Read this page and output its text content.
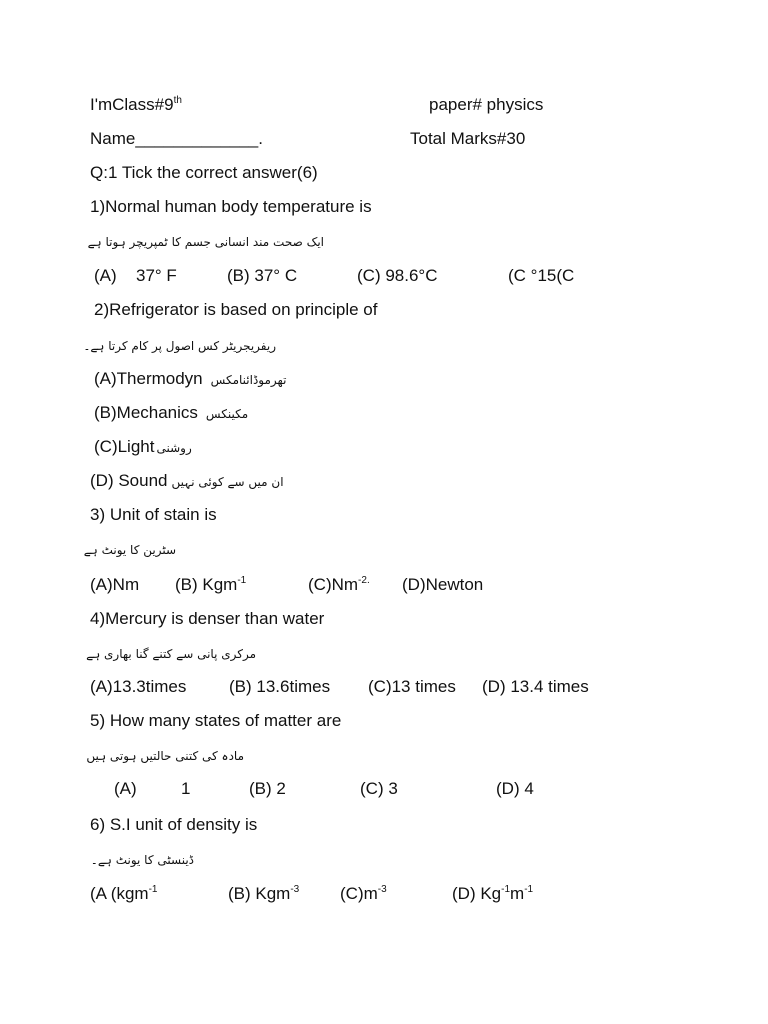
I'mClass#9th	paper# physics
Name_____________.	Total Marks#30
Q:1 Tick the correct answer(6)
1)Normal human body temperature is
ایک صحت مند انسانی جسم کا ٹمپریچر ہوتا ہے
(A) 37° F	(B) 37° C	(C) 98.6°C	(C °15(C
2)Refrigerator is based on principle of
ریفریجریٹر کس اصول پر کام کرتا ہے۔
(A)Thermodyn تھرموڈائنامکس
(B)Mechanics مکینکس
(C)Light روشنی
(D) Sound ان میں سے کوئی نہیں
3) Unit of stain is
سٹرین کا یونٹ ہے
(A)Nm (B) Kgm$^{-1}$	$(C)Nm^{-2.}$ (D)Newton
4)Mercury is denser than water
مرکری پانی سے کتنے گنا بھاری ہے
(A)13.3times	(B) 13.6times (C)13 times (D) 13.4 times
5) How many states of matter are
مادہ کی کتنی حالتیں ہوتی ہیں
(A)	1	(B) 2	(C) 3	(D) 4
6) S.I unit of density is
ڈینسٹی کا یونٹ ہے۔
(A (kgm$^{-1}$	(B) Kgm$^{-3}$ $(C)m^{-3}$	(D) $Kg^{-1}m^{-1}$
